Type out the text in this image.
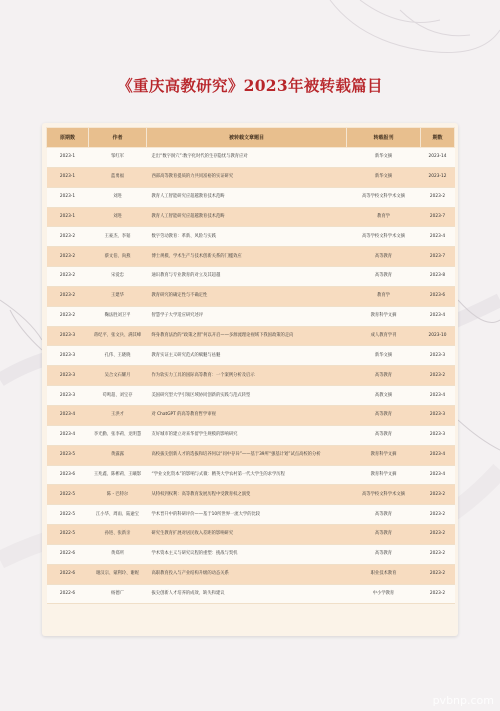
《重庆高教研究》2023年被转载篇目
原期数	作者	被转载文章题目	转载报刊	期数
2023-1	邹红军	走出“数字洞穴”:数字化时代的生存隐忧与教育应对	新华文摘	2023-14
2023-1	蓝勇福	西部高等教育提质的力共同富裕的实证研究	新华文摘	2023-12
2023-1	刘进	教育人工智能研究应超越教育技术范畴	高等学校文科学术文摘	2023-2
2023-1	刘进	教育人工智能研究应超越教育技术范畴	教育学	2023-7
2023-2	王豪杰、李韬	数字劳动教育：革新、风险与实践	高等学校文科学术文摘	2023-4
2023-2	蔡文伯、尚燕	博士规模、学术生产与技术创新关系的门槛效应	高等教育	2023-7
2023-2	宋爱忠	通识教育与专业教育的对立及其超越	高等教育	2023-8
2023-2	王建华	教育研究的确定性与不确定性	教育学	2023-6
2023-2	鞠法胜刘卫平	智慧学子大学适应研究述评	教育科学文摘	2023-4
2023-3	蒋纪平、张文兵、满其峰	终身教育法治的“政策之窗”何以开启——多源流理论视域下我国政策的走向	成人教育学刊	2023-10
2023-3	孔伟、王晓晓	教育实证主义研究范式的赋魅与祛魅	新华文摘	2023-3
2023-3	吴合文石耀月	作为软实力工具的国际高等教育：一个案例分析及启示	高等教育	2023-2
2023-3	苟鸣超、刘宝存	美国研究型大学引领区域协同创新的实践与范式转型	高教文摘	2023-4
2023-4	王洪才	对 ChatGPT 的高等教育哲学审视	高等教育	2023-3
2023-4	李光勤、张李莉、龙明慧	友好城市的建立对来华留学生规模的影响研究	高等教育	2023-3
2023-5	黄露露	高校拔尖创新人才的选拔和培养何以“同中存异”——基于39所“强基计划”试点高校的分析	教育科学文摘	2023-4
2023-6	王兆鑫、陈彬莉、王曦影	“学业文化资本”的影响与式微：精英大学农村第一代大学生的求学历程	教育科学文摘	2023-4
2022-5	陈・巴特尔	从特权到权利：高等教育发展历程中受教育权之演变	高等学校文科学术文摘	2023-2
2022-5	江小华、周雨、陆逾宝	学术晋升中的科研评价——基于10所世界一流大学的比较	高等教育	2023-2
2022-5	孙进、张新亲	研究生教育扩展对居民收入差距的影响研究	高等教育	2023-2
2022-6	黄郑所	学术资本主义与研究议程的重塑：挑战与契机	高等教育	2023-2
2022-6	谢汉宗、蒙利玲、谢妮	高职教育投入与产业结构升级的动态关系	职业技术教育	2023-2
2022-6	杨德广	拔尖创新人才培养的成效、缺失和建议	中小学教育	2023-2
pvbnp.com
